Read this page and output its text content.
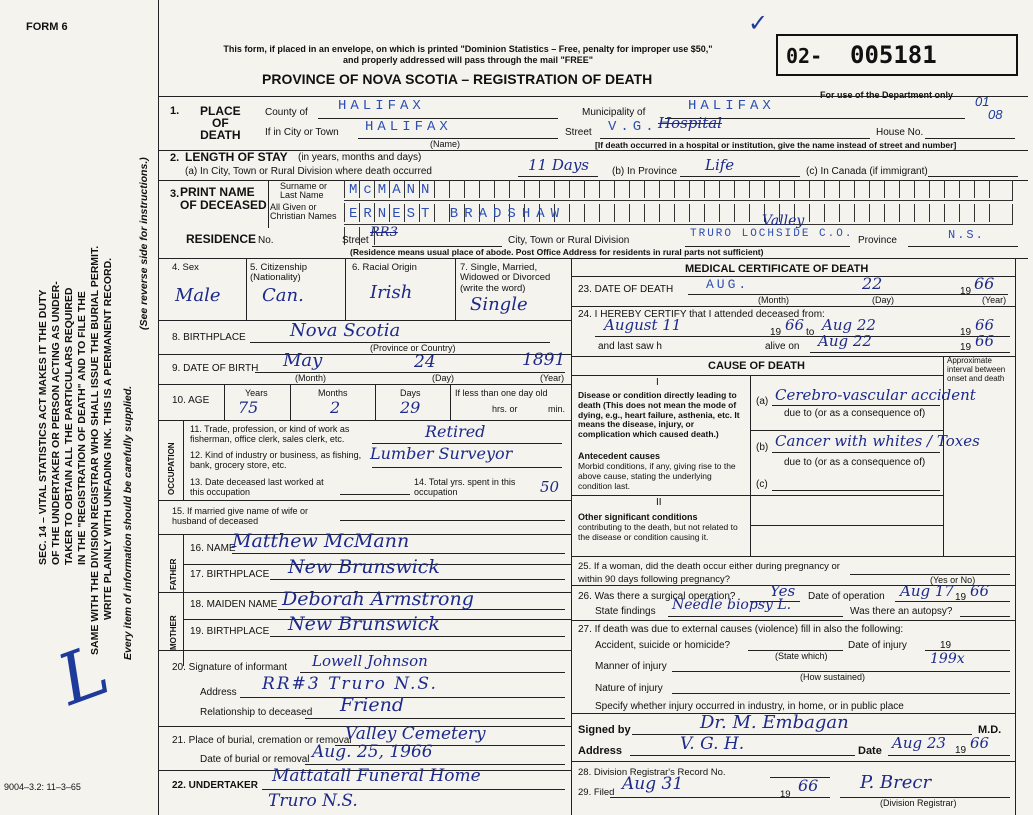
FORM 6
SEC. 14 – VITAL STATISTICS ACT MAKES IT THE DUTY OF THE UNDERTAKER OR PERSON ACTING AS UNDER- TAKER TO OBTAIN ALL THE PARTICULARS REQUIRED IN THE "REGISTRATION OF DEATH" AND TO FILE THE SAME WITH THE DIVISION REGISTRAR WHO SHALL ISSUE THE BURIAL PERMIT. WRITE PLAINLY WITH UNFADING INK. THIS IS A PERMANENT RECORD. Every item of information should be carefully supplied.
(See reverse side for instructions.)
9004–3.2: 11–3–65
L
This form, if placed in an envelope, on which is printed "Dominion Statistics – Free, penalty for improper use $50," and properly addressed will pass through the mail "FREE"
PROVINCE OF NOVA SCOTIA – REGISTRATION OF DEATH
02- 005181
For use of the Department only 01
08
✓
1. PLACE
OF
DEATH
County of HALIFAX	Municipality of	HALIFAX
If in City or Town HALIFAX	Street V.G. Hospital
House No.
(Name)	[If death occurred in a hospital or institution, give the name instead of street and number]
2. LENGTH OF STAY (in years, months and days)
(a) In City, Town or Rural Division where death occurred	11 Days (b) In Province Life	(c) In Canada (if immigrant)
3. PRINT NAME
OF DECEASED
Surname or
Last Name
All Given or
Christian Names
McMANN
ERNEST BRADSHAW
RESIDENCE No.	Street
RR3
City, Town or Rural Division
Valley
TRURO LOCHSIDE C.O.
Province	N.S.
(Residence means usual place of abode. Post Office Address for residents in rural parts not sufficient)
4. Sex	5. Citizenship
(Nationality)
6. Racial Origin	7. Single, Married,
Widowed or Divorced
(write the word)
Male Can.	Irish
Single
8. BIRTHPLACE Nova Scotia
(Province or Country)
9. DATE OF BIRTH May	24	1891
(Month)	(Day)	(Year)
10. AGE
Years	Months	Days
75	2	29
If less than one day old
hrs. or	min.
OCCUPATION
11. Trade, profession, or kind of work as fisherman, office clerk, sales clerk, etc.	Retired
12. Kind of industry or business, as fishing, bank, grocery store, etc.
Lumber Surveyor
13. Date deceased last worked at this occupation
14. Total yrs. spent in this occupation	50
15. If married give name of wife or husband of deceased
FATHER
MOTHER
16. NAME
Matthew McMann
17. BIRTHPLACE New Brunswick
18. MAIDEN NAME Deborah Armstrong
19. BIRTHPLACE New Brunswick
20. Signature of informant Lowell Johnson
Address RR#3 Truro N.S.
Relationship to deceased Friend
21. Place of burial, cremation or removal
Valley Cemetery
Date of burial or removal Aug. 25, 1966
22. UNDERTAKER Mattatall Funeral Home
Truro N.S.
MEDICAL CERTIFICATE OF DEATH
23. DATE OF DEATH	AUG.	22	19 66
(Month)	(Day)	(Year)
24. I HEREBY CERTIFY that I attended deceased from:
August 11	19 66 to Aug 22	19 66
and last saw h	alive on Aug 22	19 66
CAUSE OF DEATH	Approximate interval between onset and death
I
Disease or condition directly leading to death (This does not mean the mode of dying, e.g., heart failure, asthenia, etc. It means the disease, injury, or complication which caused death.)
(a) Cerebro-vascular accident
due to (or as a consequence of)
Antecedent causes
Morbid conditions, if any, giving rise to the above cause, stating the underlying condition last.
(b) Cancer with whites / Toxes
due to (or as a consequence of)
(c)
II
Other significant conditions
contributing to the death, but not related to the disease or condition causing it.
25. If a woman, did the death occur either during pregnancy or within 90 days following pregnancy?	(Yes or No)
26. Was there a surgical operation? Yes Date of operation Aug 17 19 66
State findings Needle biopsy L.	Was there an autopsy?
27. If death was due to external causes (violence) fill in also the following:
Accident, suicide or homicide?
(State which)
Date of injury	19
199x
Manner of injury
(How sustained)
Nature of injury
Specify whether injury occurred in industry, in home, or in public place
Signed by	Dr. M. Embagan	M.D.
Address	V. G. H.	Date Aug 23 19 66
28. Division Registrar's Record No.
Aug 31
29. Filed	19 66 P. Brecr
(Division Registrar)
